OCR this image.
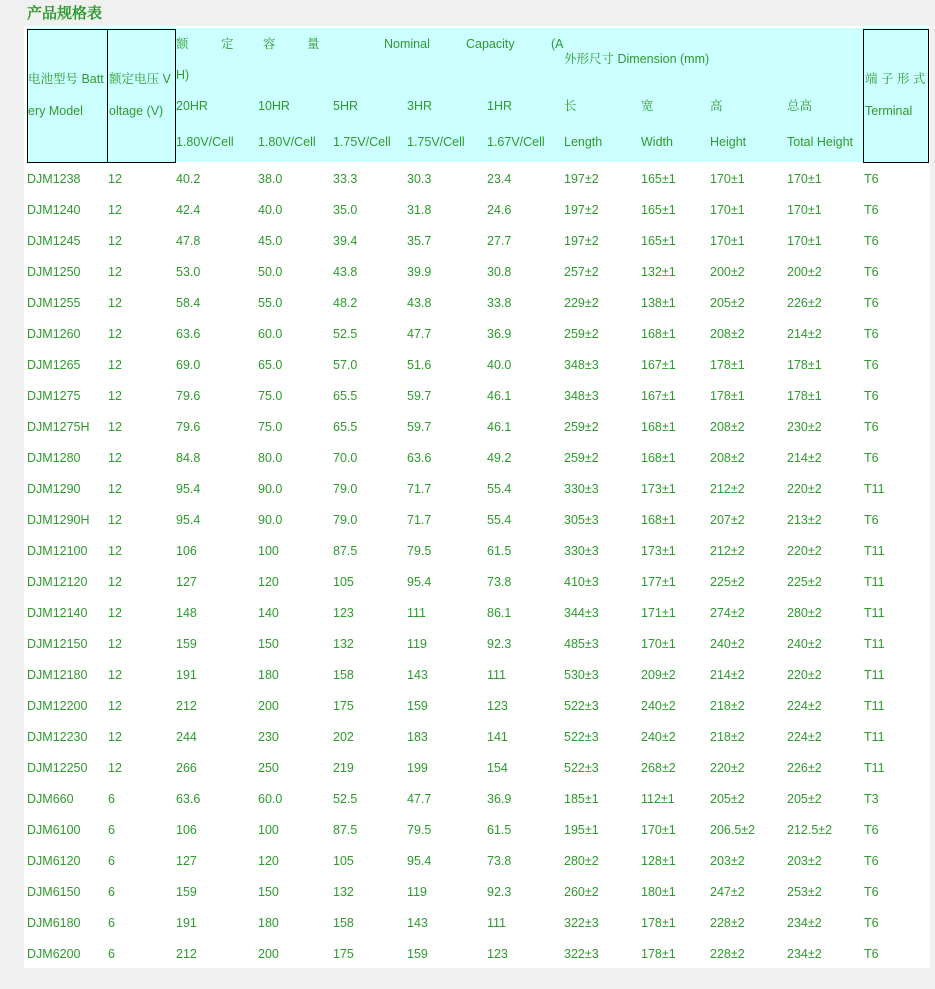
产品规格表
电池型号 Batt
ery Model
额定电压 V
oltage (V)
额	定 容	量	Nominal	Capacity	(A
H)
外形尺寸 Dimension (mm)
端 子 形 式
Terminal
20HR	10HR	5HR	3HR	1HR
1.80V/Cell 1.80V/Cell 1.75V/Cell 1.75V/Cell 1.67V/Cell
长	宽	高	总高
Length	Width	Height	Total Height
DJM1238 12	40.2	38.0	33.3	30.3	23.4	197±2	165±1	170±1	170±1	T6
DJM1240 12	42.4	40.0	35.0	31.8	24.6	197±2	165±1	170±1	170±1	T6
DJM1245 12	47.8	45.0	39.4	35.7	27.7	197±2	165±1	170±1	170±1	T6
DJM1250 12	53.0	50.0	43.8	39.9	30.8	257±2	132±1	200±2	200±2	T6
DJM1255 12	58.4	55.0	48.2	43.8	33.8	229±2	138±1	205±2	226±2	T6
DJM1260 12	63.6	60.0	52.5	47.7	36.9	259±2	168±1	208±2	214±2	T6
DJM1265 12	69.0	65.0	57.0	51.6	40.0	348±3	167±1	178±1	178±1	T6
DJM1275 12	79.6	75.0	65.5	59.7	46.1	348±3	167±1	178±1	178±1	T6
DJM1275H 12	79.6	75.0	65.5	59.7	46.1	259±2	168±1	208±2	230±2	T6
DJM1280 12	84.8	80.0	70.0	63.6	49.2	259±2	168±1	208±2	214±2	T6
DJM1290 12	95.4	90.0	79.0	71.7	55.4	330±3	173±1	212±2	220±2	T11
DJM1290H 12	95.4	90.0	79.0	71.7	55.4	305±3	168±1	207±2	213±2	T6
DJM12100 12	106	100	87.5	79.5	61.5	330±3	173±1	212±2	220±2	T11
DJM12120 12	127	120	105	95.4	73.8	410±3	177±1	225±2	225±2	T11
DJM12140 12	148	140	123	111	86.1	344±3	171±1	274±2	280±2	T11
DJM12150 12	159	150	132	119	92.3	485±3	170±1	240±2	240±2	T11
DJM12180 12	191	180	158	143	111	530±3	209±2	214±2	220±2	T11
DJM12200 12	212	200	175	159	123	522±3	240±2	218±2	224±2	T11
DJM12230 12	244	230	202	183	141	522±3	240±2	218±2	224±2	T11
DJM12250 12	266	250	219	199	154	522±3	268±2	220±2	226±2	T11
DJM660	6	63.6	60.0	52.5	47.7	36.9	185±1	112±1	205±2	205±2	T3
DJM6100 6	106	100	87.5	79.5	61.5	195±1	170±1	206.5±2	212.5±2	T6
DJM6120 6	127	120	105	95.4	73.8	280±2	128±1	203±2	203±2	T6
DJM6150 6	159	150	132	119	92.3	260±2	180±1	247±2	253±2	T6
DJM6180 6	191	180	158	143	111	322±3	178±1	228±2	234±2	T6
DJM6200 6	212	200	175	159	123	322±3	178±1	228±2	234±2	T6
